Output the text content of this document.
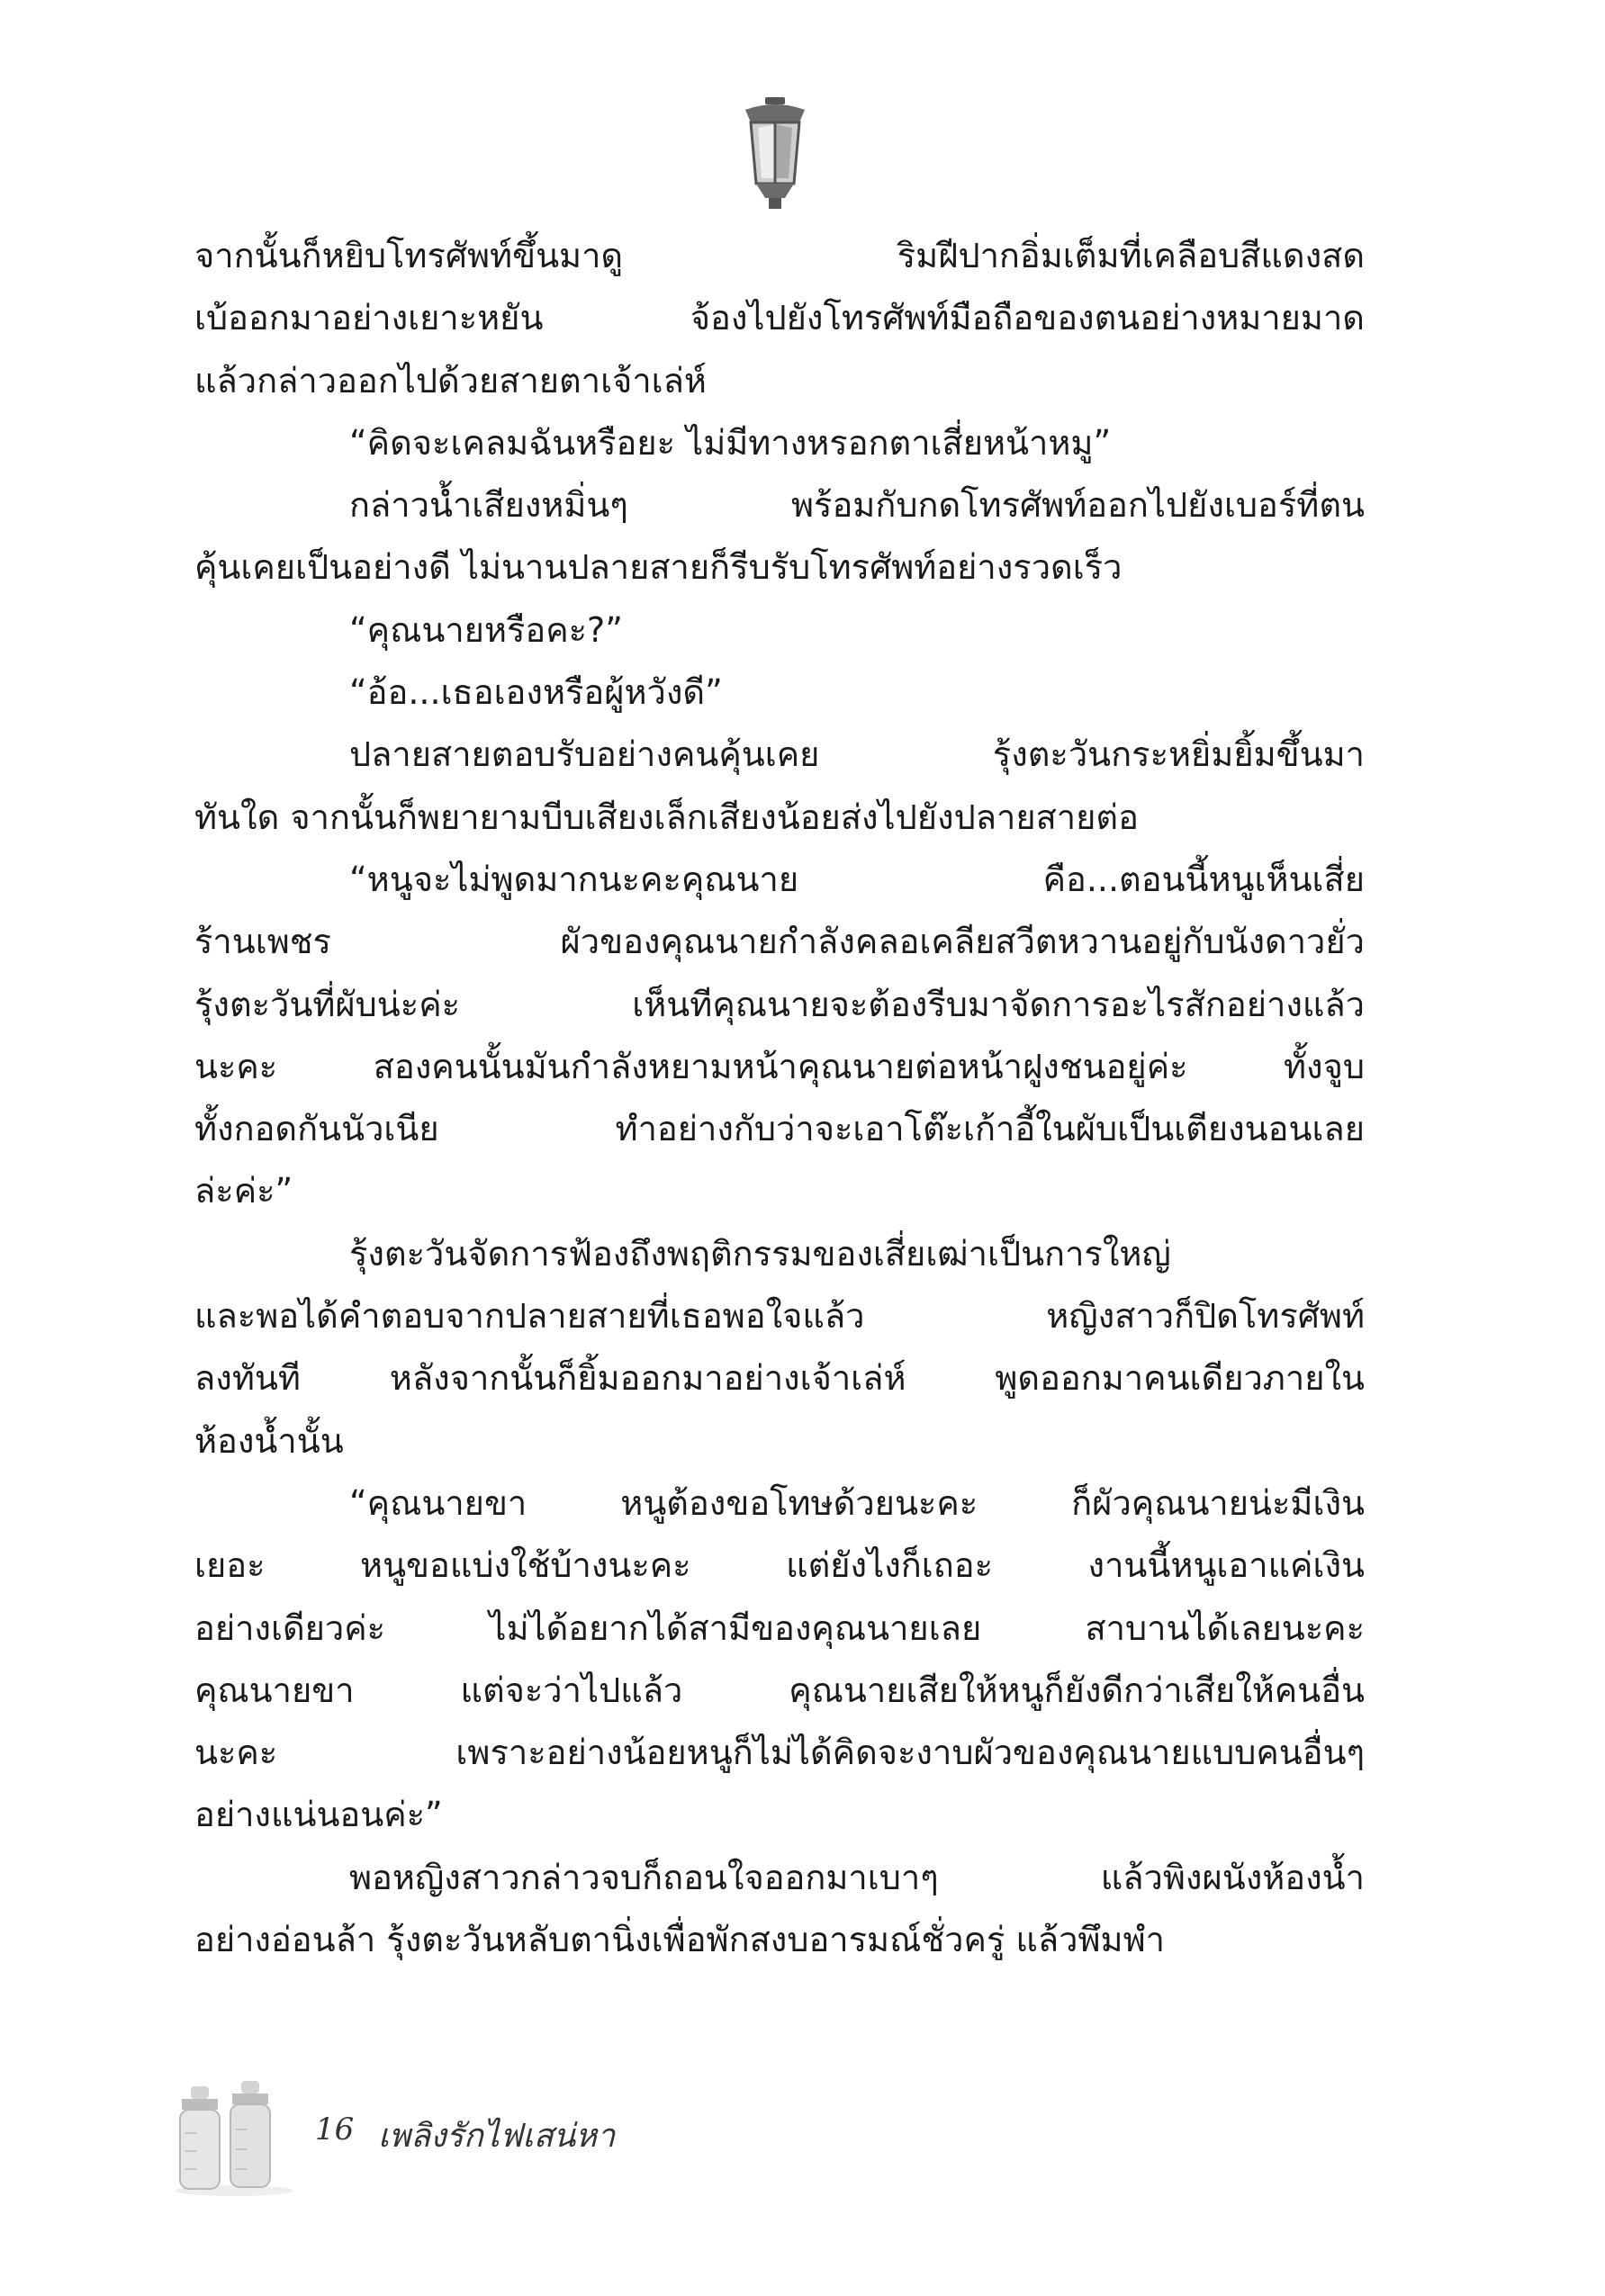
จากนั้นก็หยิบโทรศัพท์ขึ้นมาดู ริมฝีปากอิ่มเต็มที่เคลือบสีแดงสด

เบ้ออกมาอย่างเยาะหยัน จ้องไปยังโทรศัพท์มือถือของตนอย่างหมายมาด

แล้วกล่าวออกไปด้วยสายตาเจ้าเล่ห์

“คิดจะเคลมฉันหรือยะ ไม่มีทางหรอกตาเสี่ยหน้าหมู”

กล่าวน้ำเสียงหมิ่นๆ พร้อมกับกดโทรศัพท์ออกไปยังเบอร์ที่ตน

คุ้นเคยเป็นอย่างดี ไม่นานปลายสายก็รีบรับโทรศัพท์อย่างรวดเร็ว

“คุณนายหรือคะ?”

“อ้อ...เธอเองหรือผู้หวังดี”

ปลายสายตอบรับอย่างคนคุ้นเคย รุ้งตะวันกระหยิ่มยิ้มขึ้นมา

ทันใด จากนั้นก็พยายามบีบเสียงเล็กเสียงน้อยส่งไปยังปลายสายต่อ

“หนูจะไม่พูดมากนะคะคุณนาย คือ...ตอนนี้หนูเห็นเสี่ย

ร้านเพชร ผัวของคุณนายกำลังคลอเคลียสวีตหวานอยู่กับนังดาวยั่ว

รุ้งตะวันที่ผับน่ะค่ะ เห็นทีคุณนายจะต้องรีบมาจัดการอะไรสักอย่างแล้ว

นะคะ สองคนนั้นมันกำลังหยามหน้าคุณนายต่อหน้าฝูงชนอยู่ค่ะ ทั้งจูบ

ทั้งกอดกันนัวเนีย ทำอย่างกับว่าจะเอาโต๊ะเก้าอี้ในผับเป็นเตียงนอนเลย

ล่ะค่ะ”

รุ้งตะวันจัดการฟ้องถึงพฤติกรรมของเสี่ยเฒ่าเป็นการใหญ่

และพอได้คำตอบจากปลายสายที่เธอพอใจแล้ว หญิงสาวก็ปิดโทรศัพท์

ลงทันที หลังจากนั้นก็ยิ้มออกมาอย่างเจ้าเล่ห์ พูดออกมาคนเดียวภายใน

ห้องน้ำนั้น

“คุณนายขา หนูต้องขอโทษด้วยนะคะ ก็ผัวคุณนายน่ะมีเงิน

เยอะ หนูขอแบ่งใช้บ้างนะคะ แต่ยังไงก็เถอะ งานนี้หนูเอาแค่เงิน

อย่างเดียวค่ะ ไม่ได้อยากได้สามีของคุณนายเลย สาบานได้เลยนะคะ

คุณนายขา แต่จะว่าไปแล้ว คุณนายเสียให้หนูก็ยังดีกว่าเสียให้คนอื่น

นะคะ เพราะอย่างน้อยหนูก็ไม่ได้คิดจะงาบผัวของคุณนายแบบคนอื่นๆ

อย่างแน่นอนค่ะ”

พอหญิงสาวกล่าวจบก็ถอนใจออกมาเบาๆ แล้วพิงผนังห้องน้ำ

อย่างอ่อนล้า รุ้งตะวันหลับตานิ่งเพื่อพักสงบอารมณ์ชั่วครู่ แล้วพึมพำ

16 เพลิงรักไฟเสน่หา
